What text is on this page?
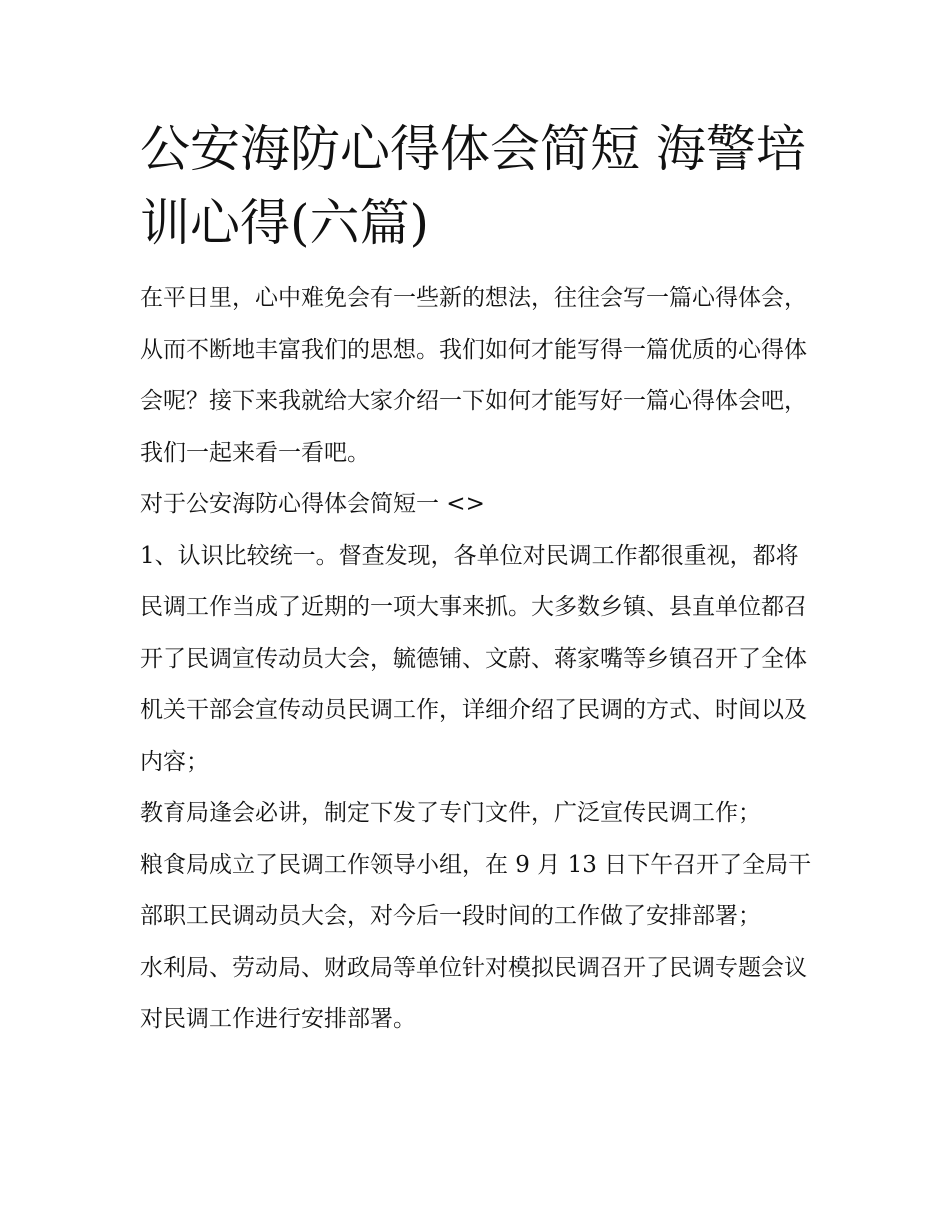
公安海防心得体会简短 海警培训心得(六篇)

在平日里，心中难免会有一些新的想法，往往会写一篇心得体会，从而不断地丰富我们的思想。我们如何才能写得一篇优质的心得体会呢？接下来我就给大家介绍一下如何才能写好一篇心得体会吧，我们一起来看一看吧。

对于公安海防心得体会简短一 <>

1、认识比较统一。督查发现，各单位对民调工作都很重视，都将民调工作当成了近期的一项大事来抓。大多数乡镇、县直单位都召开了民调宣传动员大会，毓德铺、文蔚、蒋家嘴等乡镇召开了全体机关干部会宣传动员民调工作，详细介绍了民调的方式、时间以及内容；

教育局逢会必讲，制定下发了专门文件，广泛宣传民调工作；

粮食局成立了民调工作领导小组，在 9 月 13 日下午召开了全局干部职工民调动员大会，对今后一段时间的工作做了安排部署；

水利局、劳动局、财政局等单位针对模拟民调召开了民调专题会议对民调工作进行安排部署。
